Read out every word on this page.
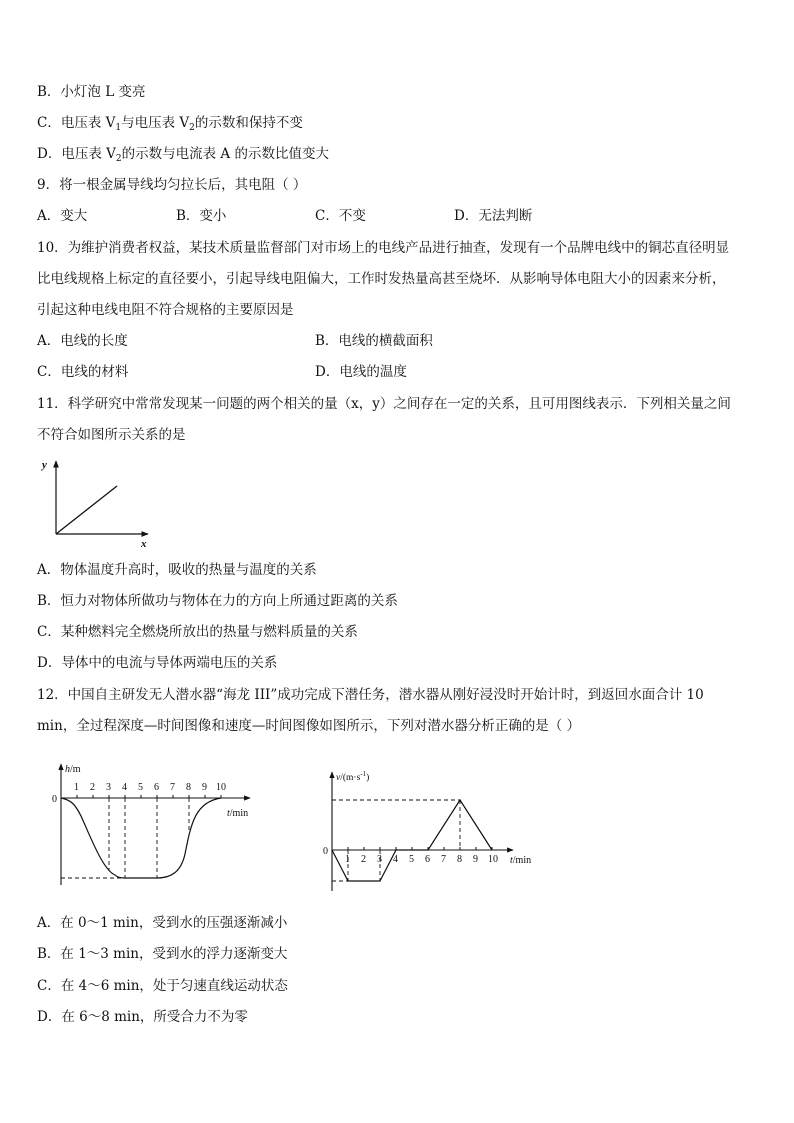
B．小灯泡 L 变亮
C．电压表 $V_1$与电压表 $V_2$的示数和保持不变
D．电压表 $V_2$的示数与电流表 A 的示数比值变大
9．将一根金属导线均匀拉长后，其电阻（ ）
A．变大	B．变小	C．不变	D．无法判断
10．为维护消费者权益，某技术质量监督部门对市场上的电线产品进行抽查，发现有一个品牌电线中的铜芯直径明显
比电线规格上标定的直径要小，引起导线电阻偏大，工作时发热量高甚至烧坏．从影响导体电阻大小的因素来分析，
引起这种电线电阻不符合规格的主要原因是
A．电线的长度	B．电线的横截面积
C．电线的材料	D．电线的温度
11．科学研究中常常发现某一问题的两个相关的量（x，y）之间存在一定的关系，且可用图线表示．下列相关量之间
不符合如图所示关系的是
y
x
A．物体温度升高时，吸收的热量与温度的关系
B．恒力对物体所做功与物体在力的方向上所通过距离的关系
C．某种燃料完全燃烧所放出的热量与燃料质量的关系
D．导体中的电流与导体两端电压的关系
12．中国自主研发无人潜水器“海龙 III”成功完成下潜任务，潜水器从刚好浸没时开始计时，到返回水面合计 10
min，全过程深度—时间图像和速度—时间图像如图所示，下列对潜水器分析正确的是（ ）
h/m
0
1 2 3 4 5 6 7 8 9 10
t/min
$v/(m\cdot s^{-1})$
0
1 2 3 4 5 6 7 8 9 10 t/min
A．在 0～1 min，受到水的压强逐渐减小
B．在 1～3 min，受到水的浮力逐渐变大
C．在 4～6 min，处于匀速直线运动状态
D．在 6～8 min，所受合力不为零
